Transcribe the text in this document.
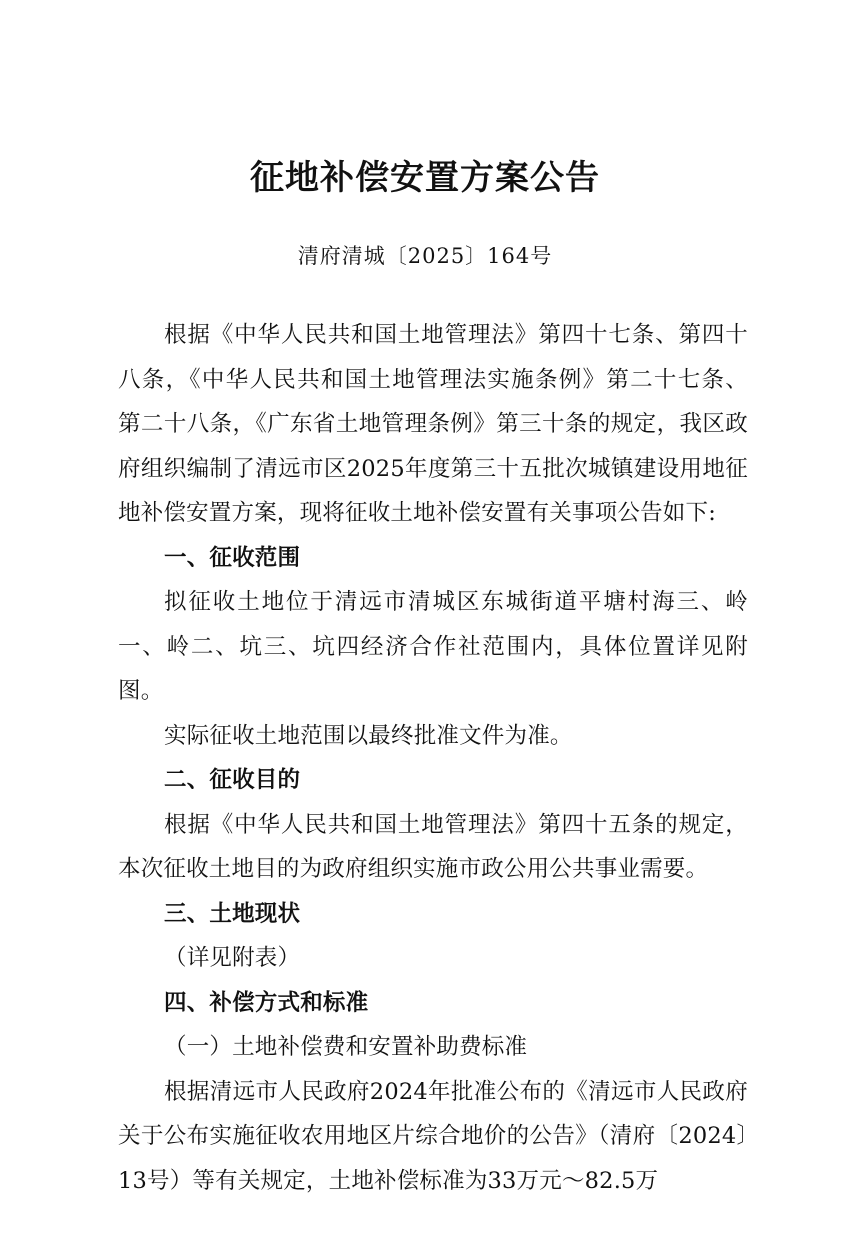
征地补偿安置方案公告
清府清城〔2025〕164号

根据《中华人民共和国土地管理法》第四十七条、第四十八条，《中华人民共和国土地管理法实施条例》第二十七条、 第二十八条，《广东省土地管理条例》第三十条的规定，我区政府组织编制了清远市区2025年度第三十五批次城镇建设用地征地补偿安置方案，现将征收土地补偿安置有关事项公告如下:

一、征收范围

拟征收土地位于清远市清城区东城街道平塘村海三、岭一、岭二、坑三、坑四经济合作社范围内，具体位置详见附图。

实际征收土地范围以最终批准文件为准。

二、征收目的

根据《中华人民共和国土地管理法》第四十五条的规定，本次征收土地目的为政府组织实施市政公用公共事业需要。

三、土地现状

（详见附表）

四、补偿方式和标准

（一）土地补偿费和安置补助费标准

根据清远市人民政府2024年批准公布的《清远市人民政府关于公布实施征收农用地区片综合地价的公告》（清府〔2024〕13号）等有关规定，土地补偿标准为33万元～82.5万
